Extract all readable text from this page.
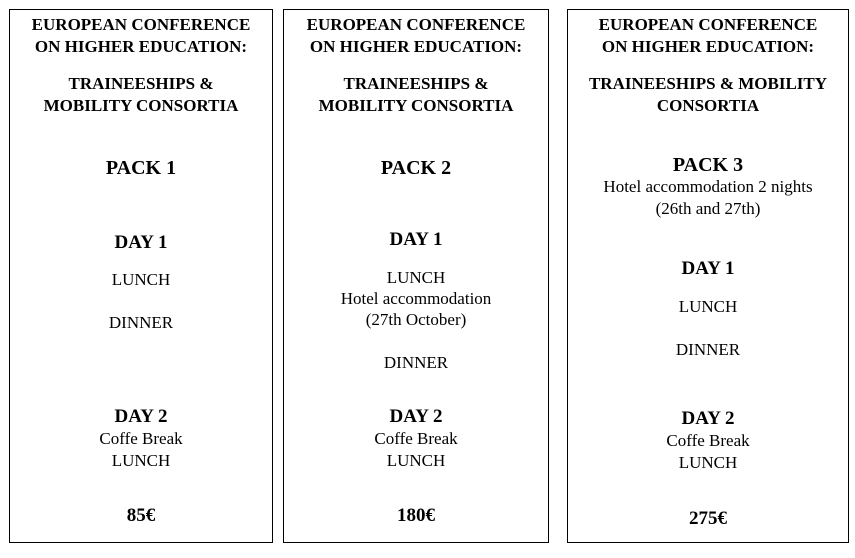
EUROPEAN CONFERENCE
ON HIGHER EDUCATION:
TRAINEESHIPS &
MOBILITY CONSORTIA
PACK 1
DAY 1
LUNCH
DINNER
DAY 2
Coffe Break
LUNCH
85€
EUROPEAN CONFERENCE
ON HIGHER EDUCATION:
TRAINEESHIPS &
MOBILITY CONSORTIA
PACK 2
DAY 1
LUNCH
Hotel accommodation
(27th October)
DINNER
DAY 2
Coffe Break
LUNCH
180€
EUROPEAN CONFERENCE
ON HIGHER EDUCATION:
TRAINEESHIPS & MOBILITY
CONSORTIA
PACK 3
Hotel accommodation 2 nights
(26th and 27th)
DAY 1
LUNCH
DINNER
DAY 2
Coffe Break
LUNCH
275€
